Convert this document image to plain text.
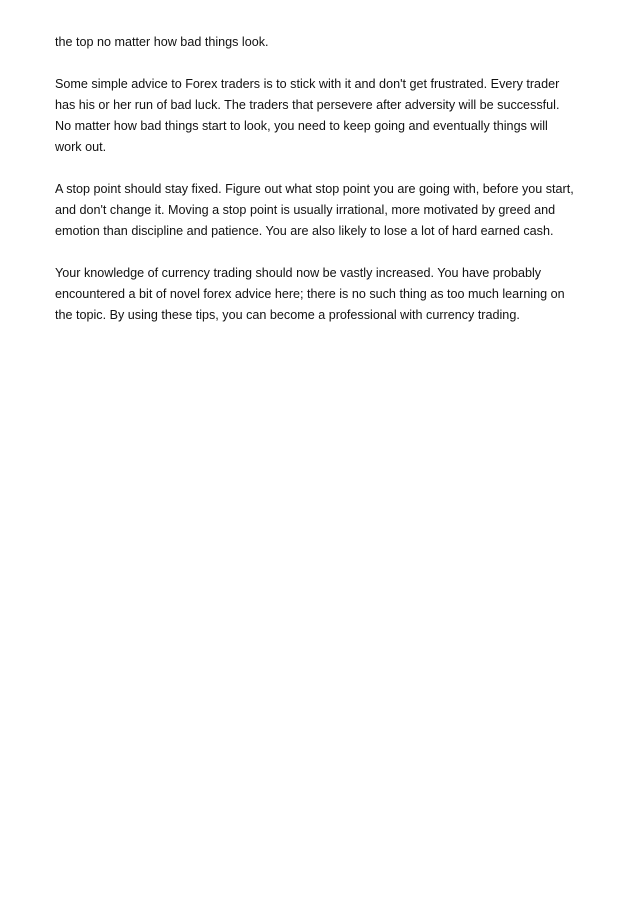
the top no matter how bad things look.

Some simple advice to Forex traders is to stick with it and don't get frustrated. Every trader
has his or her run of bad luck. The traders that persevere after adversity will be successful.
No matter how bad things start to look, you need to keep going and eventually things will
work out.

A stop point should stay fixed. Figure out what stop point you are going with, before you start,
and don't change it. Moving a stop point is usually irrational, more motivated by greed and
emotion than discipline and patience. You are also likely to lose a lot of hard earned cash.

Your knowledge of currency trading should now be vastly increased. You have probably
encountered a bit of novel forex advice here; there is no such thing as too much learning on
the topic. By using these tips, you can become a professional with currency trading.
